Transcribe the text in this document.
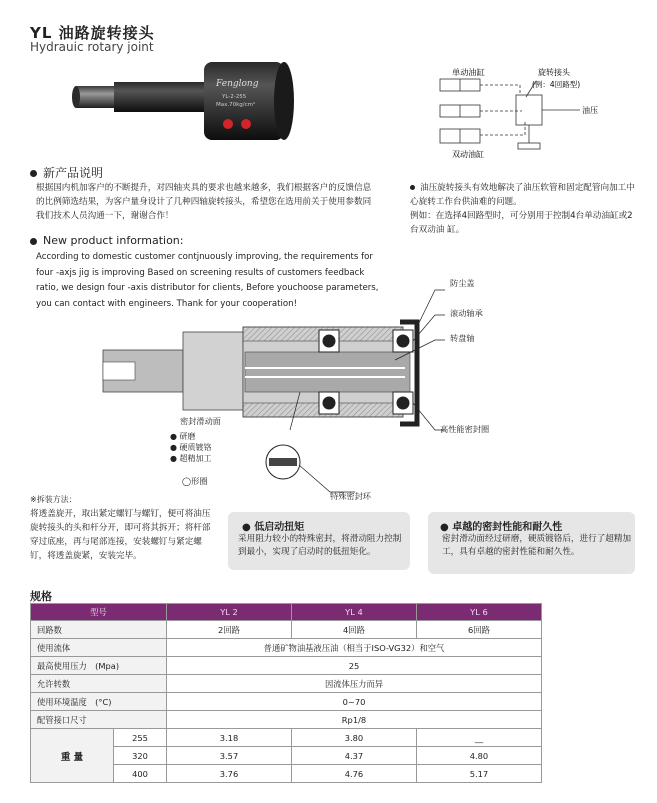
YL 油路旋转接头
Hydrauic rotary joint
Fenglong
YL-2-255
Max.70kg/cm²
单动油缸	旋转接头
(例：4回路型)
油压
双动油缸
新产品说明
根据国内机加客户的不断提升，对四轴夹具的要求也越来越多，我们根据客户的反馈信息的比例筛选结果，为客户量身设计了几种四轴旋转接头，希望您在选用前关于使用参数同我们技术人员沟通一下，谢谢合作！
油压旋转接头有效地解决了油压软管和固定配管向加工中心旋转工作台供油难的问题。
例如：在选择4回路型时，可分别用于控制4台单动油缸或2台双动油 缸。
New product information:
According to domestic customer contjnuously improving, the requirements for four -axjs jig is improving Based on screening results of customers feedback ratio, we design four -axis distributor for clients, Before youchoose parameters, you can contact with engineers. Thank for your cooperation!
防尘盖
滚动轴承
转盘轴
高性能密封圈
密封滑动面
● 研磨
● 硬质镀铬
● 超精加工
◯形圈
特殊密封环
※拆装方法：
将透盖旋开，取出紧定螺钉与螺钉，便可将油压旋转接头的头和杆分开，即可将其拆开；将杆部穿过底座，再与尾部连接，安装螺钉与紧定螺钉，将透盖旋紧，安装完毕。
● 低启动扭矩
采用阻力较小的特殊密封，将滑动阻力控制到最小，实现了启动时的低扭矩化。
● 卓越的密封性能和耐久性
密封滑动面经过研磨，硬质镀铬后，进行了超精加工，具有卓越的密封性能和耐久性。
规格
型号		YL 2	YL 4	YL 6
回路数		2回路	4回路	6回路
使用流体		普通矿物油基液压油（相当于ISO-VG32）和空气		
最高使用压力　(Mpa)		25		
允许转数		因流体压力而异		
使用环境温度　(°C)		0~70		
配管接口尺寸		Rp1/8		
重 量	255	3.18	3.80	__
	320	3.57	4.37	4.80
	400	3.76	4.76	5.17
